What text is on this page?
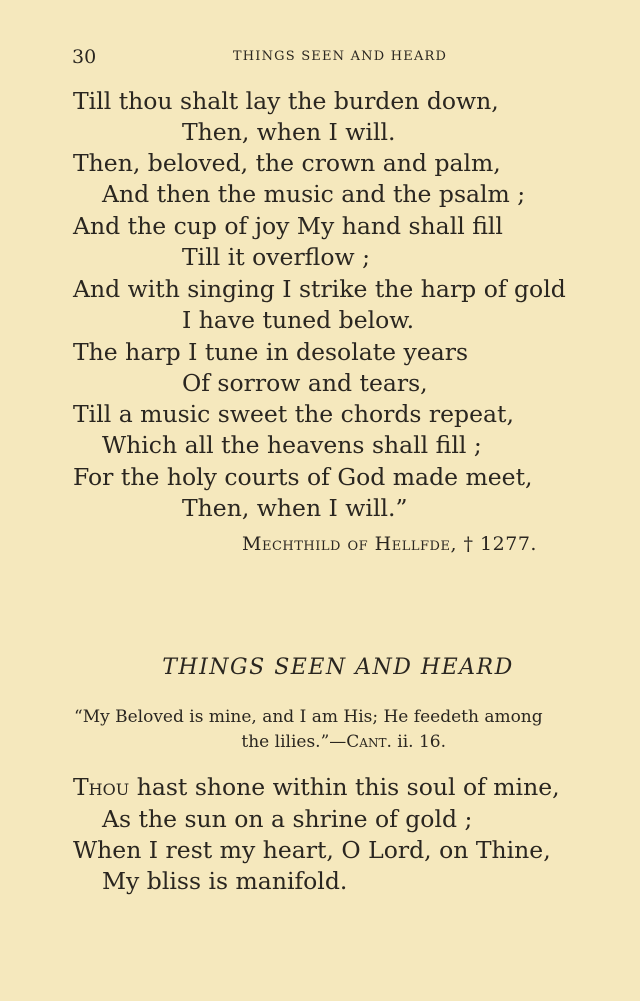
30	THINGS SEEN AND HEARD
Till thou shalt lay the burden down,
Then, when I will.
Then, beloved, the crown and palm,
And then the music and the psalm ;
And the cup of joy My hand shall fill
Till it overflow ;
And with singing I strike the harp of gold
I have tuned below.
The harp I tune in desolate years
Of sorrow and tears,
Till a music sweet the chords repeat,
Which all the heavens shall fill ;
For the holy courts of God made meet,
Then, when I will.”
Mechthild of Hellfde, † 1277.
THINGS SEEN AND HEARD
“My Beloved is mine, and I am His; He feedeth among
the lilies.”—Cant. ii. 16.
Thou hast shone within this soul of mine,
As the sun on a shrine of gold ;
When I rest my heart, O Lord, on Thine,
My bliss is manifold.
